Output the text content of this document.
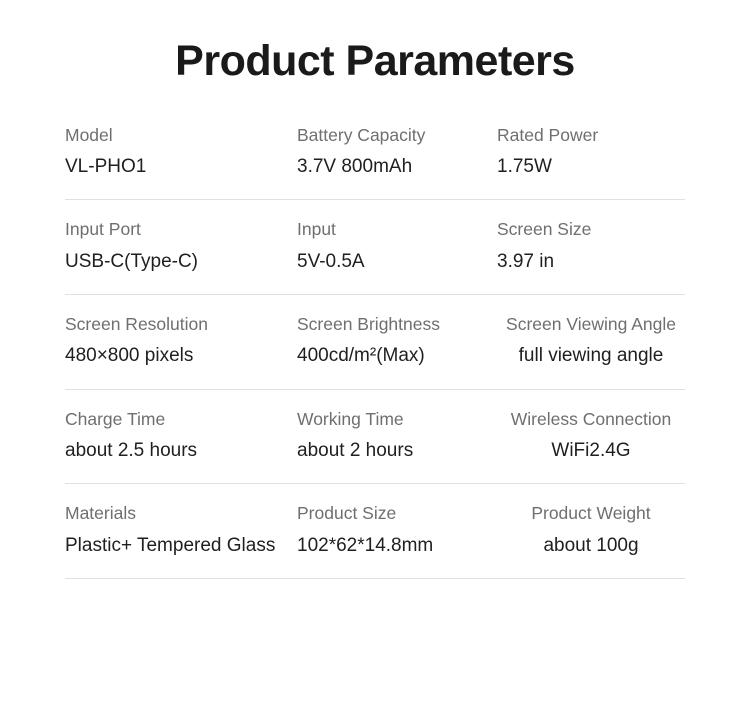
Product Parameters
Model
VL-PHO1
Battery Capacity
3.7V 800mAh
Rated Power
1.75W
Input Port
USB-C(Type-C)
Input
5V-0.5A
Screen Size
3.97 in
Screen Resolution
480×800 pixels
Screen Brightness
400cd/m²(Max)
Screen Viewing Angle
full viewing angle
Charge Time
about 2.5 hours
Working Time
about 2 hours
Wireless Connection
WiFi2.4G
Materials
Plastic+ Tempered Glass
Product Size
102*62*14.8mm
Product Weight
about 100g
